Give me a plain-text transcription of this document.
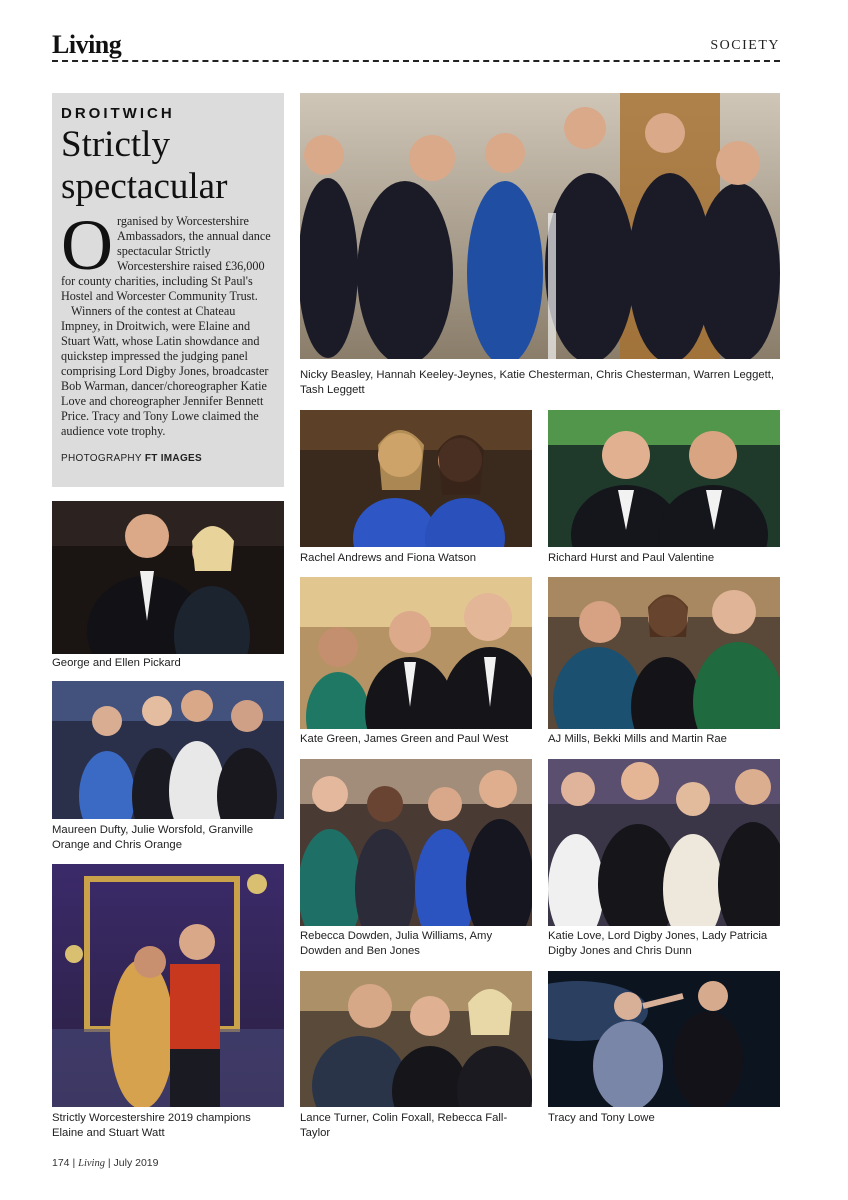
Living	SOCIETY
DROITWICH
Strictly
spectacular

Organised by Worcestershire Ambassadors, the annual dance spectacular Strictly Worcestershire raised £36,000 for county charities, including St Paul's Hostel and Worcester Community Trust.

Winners of the contest at Chateau Impney, in Droitwich, were Elaine and Stuart Watt, whose Latin showdance and quickstep impressed the judging panel comprising Lord Digby Jones, broadcaster Bob Warman, dancer/choreographer Katie Love and choreographer Jennifer Bennett Price. Tracy and Tony Lowe claimed the audience vote trophy.

PHOTOGRAPHY FT IMAGES
Nicky Beasley, Hannah Keeley-Jeynes, Katie Chesterman, Chris Chesterman, Warren Leggett, Tash Leggett
Rachel Andrews and Fiona Watson	Richard Hurst and Paul Valentine
George and Ellen Pickard
Kate Green, James Green and Paul West	AJ Mills, Bekki Mills and Martin Rae
Maureen Dufty, Julie Worsfold, Granville Orange and Chris Orange
Rebecca Dowden, Julia Williams, Amy Dowden and Ben Jones
Katie Love, Lord Digby Jones, Lady Patricia Digby Jones and Chris Dunn
Strictly Worcestershire 2019 champions Elaine and Stuart Watt
Lance Turner, Colin Foxall, Rebecca Fall-Taylor
Tracy and Tony Lowe
174 | Living | July 2019
